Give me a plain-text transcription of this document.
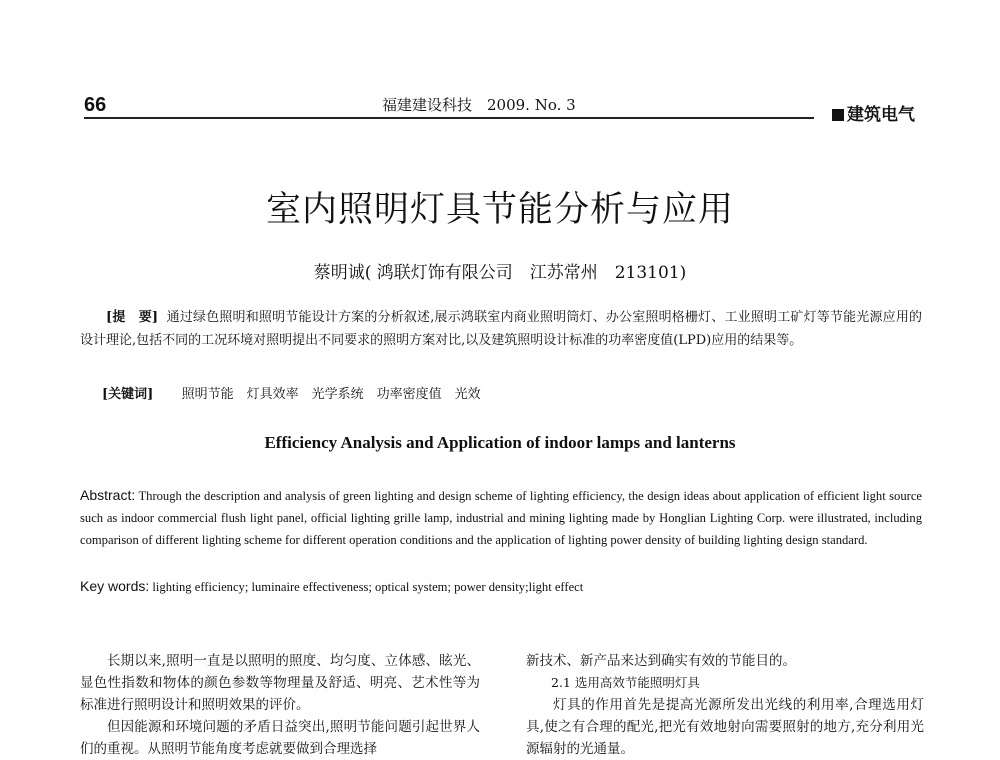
66	福建建设科技　2009. No. 3	建筑电气
室内照明灯具节能分析与应用
蔡明诚( 鸿联灯饰有限公司　江苏常州　213101)
[提　要] 通过绿色照明和照明节能设计方案的分析叙述,展示鸿联室内商业照明筒灯、办公室照明格栅灯、工业照明工矿灯等节能光源应用的设计理论,包括不同的工况环境对照明提出不同要求的照明方案对比,以及建筑照明设计标准的功率密度值(LPD)应用的结果等。
[关键词] 照明节能　灯具效率　光学系统　功率密度值　光效
Efficiency Analysis and Application of indoor lamps and lanterns
Abstract: Through the description and analysis of green lighting and design scheme of lighting efficiency, the design ideas about application of efficient light source such as indoor commercial flush light panel, official lighting grille lamp, industrial and mining lighting made by Honglian Lighting Corp. were illustrated, including comparison of different lighting scheme for different operation conditions and the application of lighting power density of building lighting design standard.
Key words: lighting efficiency; luminaire effectiveness; optical system; power density;light effect

长期以来,照明一直是以照明的照度、均匀度、立体感、眩光、显色性指数和物体的颜色参数等物理量及舒适、明亮、艺术性等为标准进行照明设计和照明效果的评价。

但因能源和环境问题的矛盾日益突出,照明节能问题引起世界人们的重视。从照明节能角度考虑就要做到合理选择

新技术、新产品来达到确实有效的节能目的。

2.1 选用高效节能照明灯具

灯具的作用首先是提高光源所发出光线的利用率,合理选用灯具,使之有合理的配光,把光有效地射向需要照射的地方,充分利用光源辐射的光通量。
